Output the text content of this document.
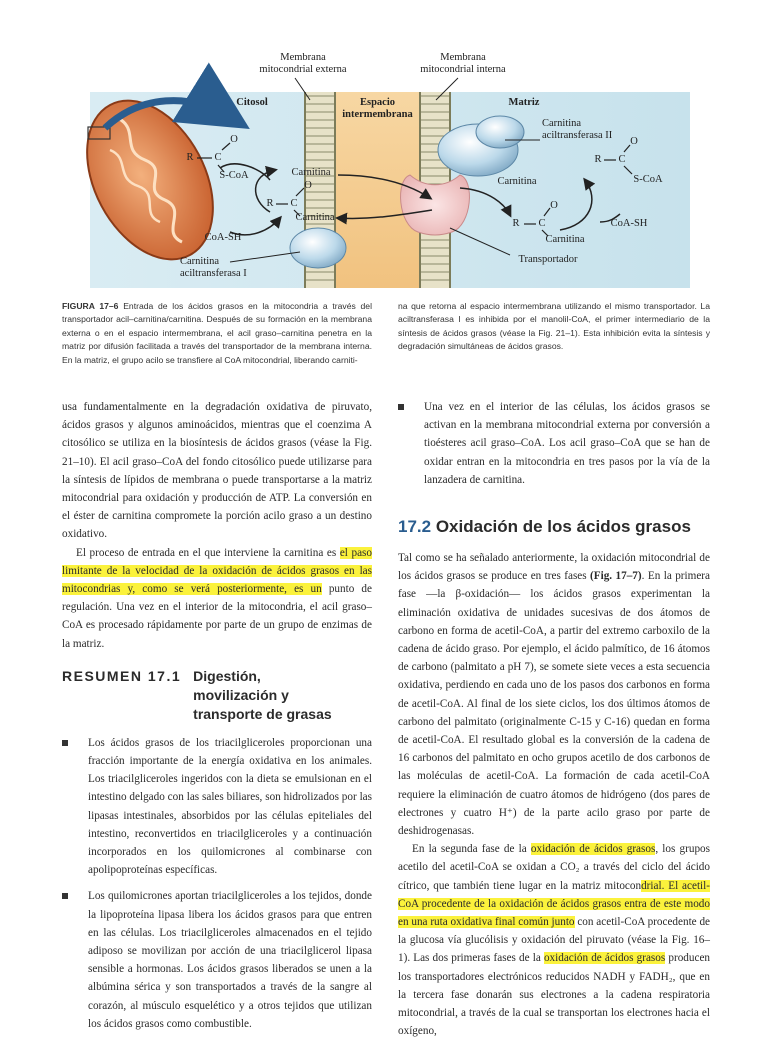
Membrana
mitocondrial externa
Membrana
mitocondrial interna
Citosol	Espacio
intermembrana
Matriz
Carnitina
aciltransferasa II
Carnitina
aciltransferasa I
R C
O
S-CoA
CoA-SH
Carnitina
R C
O
Carnitina
R C
O
S-CoA
Carnitina
R C
O
Carnitina
CoA-SH
Transportador
FIGURA 17–6 Entrada de los ácidos grasos en la mitocondria a través del transportador acil–carnitina/carnitina. Después de su formación en la membrana externa o en el espacio intermembrana, el acil graso–carnitina penetra en la matriz por difusión facilitada a través del transportador de la membrana interna. En la matriz, el grupo acilo se transfiere al CoA mitocondrial, liberando carniti-
na que retorna al espacio intermembrana utilizando el mismo transportador. La aciltransferasa I es inhibida por el manolil-CoA, el primer intermediario de la síntesis de ácidos grasos (véase la Fig. 21–1). Esta inhibición evita la síntesis y degradación simultáneas de ácidos grasos.

usa fundamentalmente en la degradación oxidativa de piruvato, ácidos grasos y algunos aminoácidos, mientras que el coenzima A citosólico se utiliza en la biosíntesis de ácidos grasos (véase la Fig. 21–10). El acil graso–CoA del fondo citosólico puede utilizarse para la síntesis de lípidos de membrana o puede transportarse a la matriz mitocondrial para oxidación y producción de ATP. La conversión en el éster de carnitina compromete la porción acilo graso a un destino oxidativo.

El proceso de entrada en el que interviene la carnitina es el paso limitante de la velocidad de la oxidación de ácidos grasos en las mitocondrias y, como se verá posteriormente, es un punto de regulación. Una vez en el interior de la mitocondria, el acil graso–CoA es procesado rápidamente por parte de un grupo de enzimas de la matriz.

RESUMEN 17.1 Digestión,
movilización y
transporte de grasas
Los ácidos grasos de los triacilgliceroles proporcionan una fracción importante de la energía oxidativa en los animales. Los triacilgliceroles ingeridos con la dieta se emulsionan en el intestino delgado con las sales biliares, son hidrolizados por las lipasas intestinales, absorbidos por las células epiteliales del intestino, reconvertidos en triacilgliceroles y a continuación incorporados en los quilomicrones al combinarse con apolipoproteínas específicas.
Los quilomicrones aportan triacilgliceroles a los tejidos, donde la lipoproteína lipasa libera los ácidos grasos para que entren en las células. Los triacilgliceroles almacenados en el tejido adiposo se movilizan por acción de una triacilglicerol lipasa sensible a hormonas. Los ácidos grasos liberados se unen a la albúmina sérica y son transportados a través de la sangre al corazón, al músculo esquelético y a otros tejidos que utilizan los ácidos grasos como combustible.
Una vez en el interior de las células, los ácidos grasos se activan en la membrana mitocondrial externa por conversión a tioésteres acil graso–CoA. Los acil graso–CoA que se han de oxidar entran en la mitocondria en tres pasos por la vía de la lanzadera de carnitina.
17.2 Oxidación de los ácidos grasos

Tal como se ha señalado anteriormente, la oxidación mitocondrial de los ácidos grasos se produce en tres fases (Fig. 17–7). En la primera fase —la β-oxidación— los ácidos grasos experimentan la eliminación oxidativa de unidades sucesivas de dos átomos de carbono en forma de acetil-CoA, a partir del extremo carboxilo de la cadena de ácido graso. Por ejemplo, el ácido palmítico, de 16 átomos de carbono (palmitato a pH 7), se somete siete veces a esta secuencia oxidativa, perdiendo en cada uno de los pasos dos carbonos en forma de acetil-CoA. Al final de los siete ciclos, los dos últimos átomos de carbono del palmitato (originalmente C-15 y C-16) quedan en forma de acetil-CoA. El resultado global es la conversión de la cadena de 16 carbonos del palmitato en ocho grupos acetilo de dos carbonos de las moléculas de acetil-CoA. La formación de cada acetil-CoA requiere la eliminación de cuatro átomos de hidrógeno (dos pares de electrones y cuatro H⁺) de la parte acilo graso por parte de deshidrogenasas.

En la segunda fase de la oxidación de ácidos grasos, los grupos acetilo del acetil-CoA se oxidan a CO₂ a través del ciclo del ácido cítrico, que también tiene lugar en la matriz mitocondrial. El acetil-CoA procedente de la oxidación de ácidos grasos entra de este modo en una ruta oxidativa final común junto con acetil-CoA procedente de la glucosa vía glucólisis y oxidación del piruvato (véase la Fig. 16–1). Las dos primeras fases de la oxidación de ácidos grasos producen los transportadores electrónicos reducidos NADH y FADH₂, que en la tercera fase donarán sus electrones a la cadena respiratoria mitocondrial, a través de la cual se transportan los electrones hacia el oxígeno,
